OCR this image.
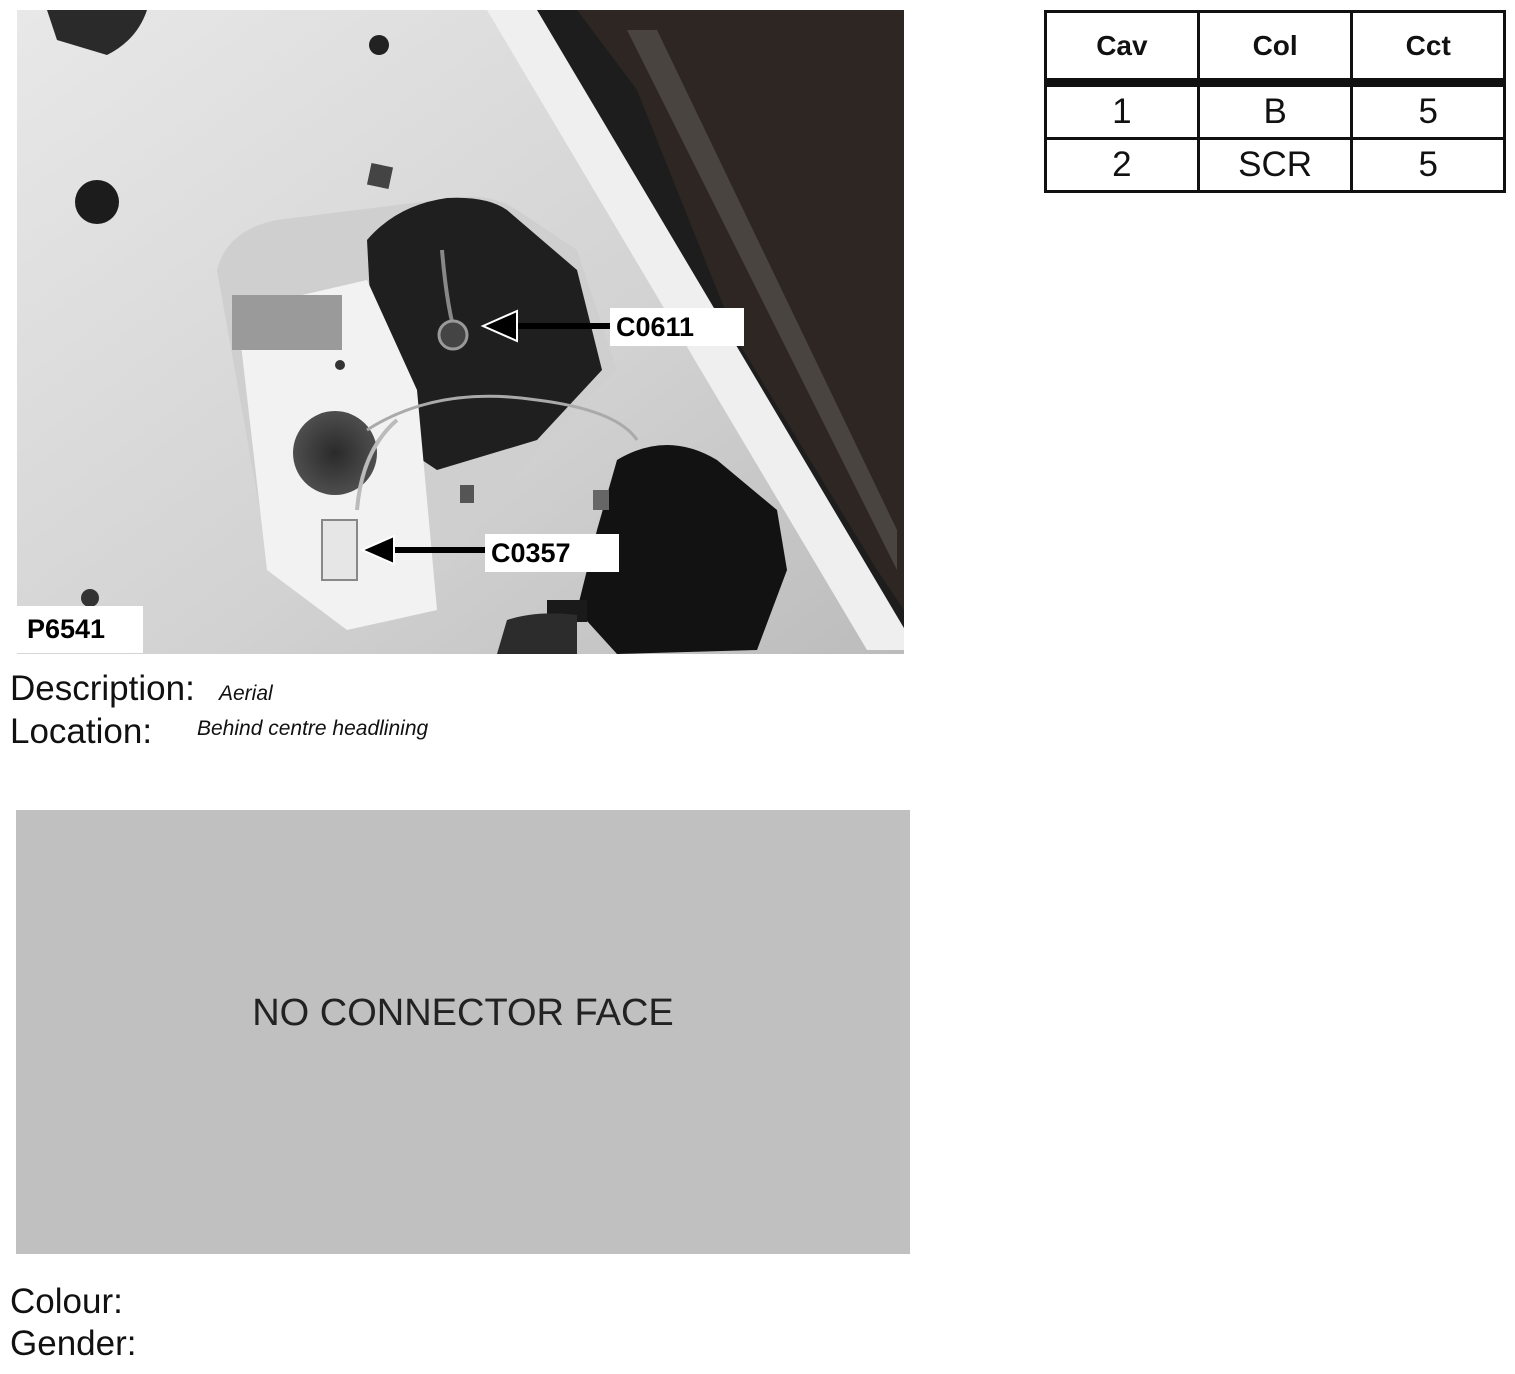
C0611
C0357
P6541
Cav	Col	Cct
1	B	5
2	SCR	5
Description: Aerial
Location: Behind centre headlining
NO CONNECTOR FACE
Colour:
Gender:
